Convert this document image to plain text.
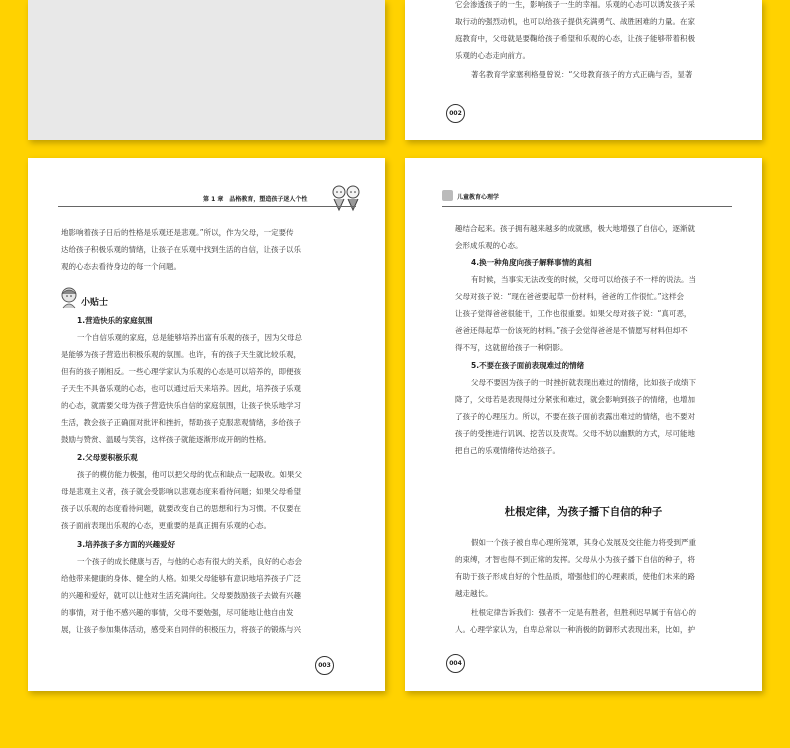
它会渗透孩子的一生，影响孩子一生的幸福。乐观的心态可以诱发孩子采

取行动的强烈动机，也可以给孩子提供充满勇气、战胜困难的力量。在家

庭教育中，父母就是要鞠给孩子希望和乐观的心态，让孩子能够带着积极

乐观的心态走向前方。

著名教育学家塞利格曼曾说：“父母教育孩子的方式正确与否，显著

002
第 1 章　品格教育，塑造孩子迷人个性

地影响着孩子日后的性格是乐观还是悲观。”所以，作为父母，一定要传

达给孩子积极乐观的情绪，让孩子在乐观中找到生活的自信，让孩子以乐

观的心态去看待身边的每一个问题。

小贴士

1.营造快乐的家庭氛围

一个自信乐观的家庭，总是能够培养出富有乐观的孩子，因为父母总

是能够为孩子营造出积极乐观的氛围。也许，有的孩子天生就比较乐观，

但有的孩子刚相反。一些心理学家认为乐观的心态是可以培养的，即便孩

子天生不具备乐观的心态，也可以通过后天来培养。因此，培养孩子乐观

的心态，就需要父母为孩子营造快乐自信的家庭氛围，让孩子快乐地学习

生活，教会孩子正确面对批评和挫折，帮助孩子克服悲观情绪，多给孩子

鼓励与赞赏、温暖与笑容，这样孩子就能逐渐形成开朗的性格。

2.父母要积极乐观

孩子的模仿能力极强，他可以把父母的优点和缺点一起吸收。如果父

母是悲观主义者，孩子就会受影响以悲观态度来看待问题；如果父母希望

孩子以乐观的态度看待问题，就要改变自己的思想和行为习惯。不仅要在

孩子面前表现出乐观的心态，更重要的是真正拥有乐观的心态。

3.培养孩子多方面的兴趣爱好

一个孩子的成长健康与否，与他的心态有很大的关系，良好的心态会

给他带来健康的身体、健全的人格。如果父母能够有意识地培养孩子广泛

的兴趣和爱好，就可以让他对生活充满向往。父母要鼓励孩子去做有兴趣

的事情，对于他不感兴趣的事情，父母不要勉强，尽可能地让他自由发

展，让孩子参加集体活动，感受来自同伴的积极压力，将孩子的锻炼与兴

003
儿童教育心理学

趣结合起来。孩子拥有越来越多的成就感，极大地增强了自信心，逐渐就

会形成乐观的心态。

4.换一种角度向孩子解释事情的真相

有时候，当事实无法改变的时候，父母可以给孩子不一样的说法。当

父母对孩子说：“现在爸爸要起草一份材料，爸爸的工作很忙。”这样会

让孩子觉得爸爸很能干，工作也很重要。如果父母对孩子说：“真可恶，

爸爸还得起草一份该死的材料。”孩子会觉得爸爸是不情愿写材料但却不

得不写，这就留给孩子一种阴影。

5.不要在孩子面前表现难过的情绪

父母不要因为孩子的一时挫折就表现出难过的情绪，比如孩子成绩下

降了，父母若是表现得过分紧张和难过，就会影响到孩子的情绪，也增加

了孩子的心理压力。所以，不要在孩子面前表露出难过的情绪，也不要对

孩子的受挫进行讥讽、挖苦以及责骂。父母不妨以幽默的方式，尽可能地

把自己的乐观情绪传达给孩子。

杜根定律，为孩子播下自信的种子

假如一个孩子被自卑心理所笼罩，其身心发展及交往能力将受到严重

的束缚，才智也得不到正常的发挥。父母从小为孩子播下自信的种子，将

有助于孩子形成自好的个性品质，增强他们的心理素质，使他们未来的路

越走越长。

杜根定律告诉我们：强者不一定是有胜者，但胜利迟早属于有信心的

人。心理学家认为，自卑总常以一种消极的防御形式表现出来，比如，护

004
